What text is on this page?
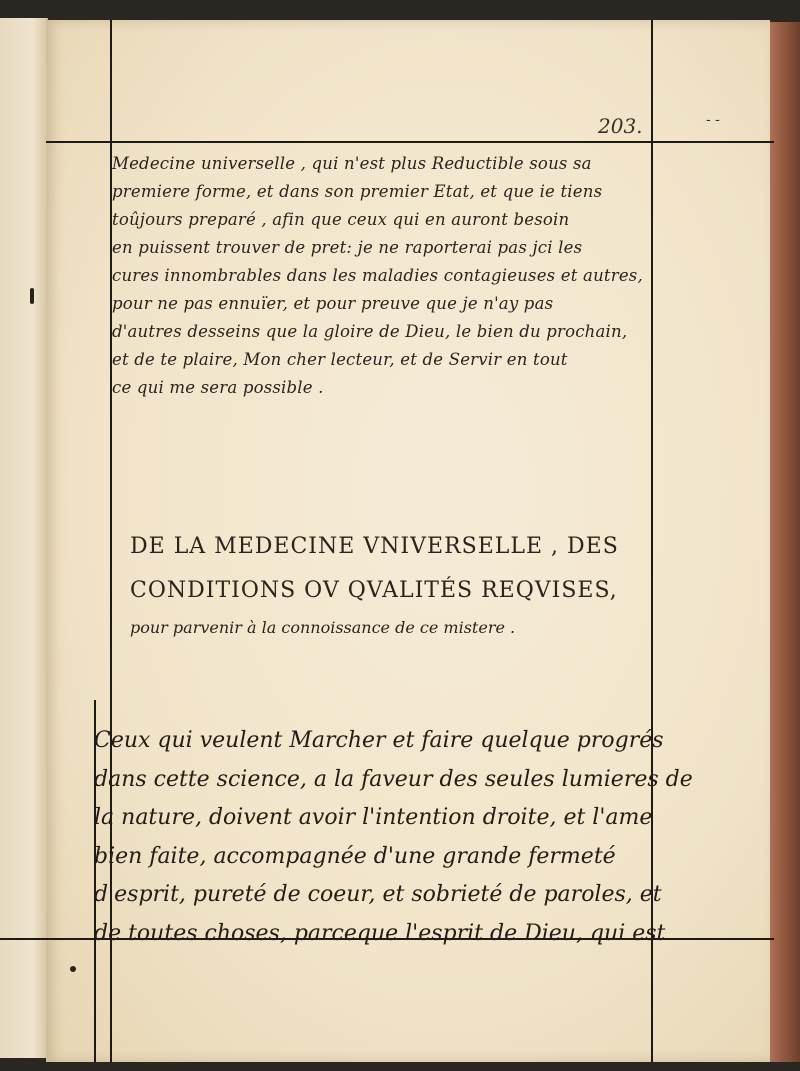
- -
203.
Medecine universelle , qui n'est plus Reductible sous sa
premiere forme, et dans son premier Etat, et que ie tiens
toûjours preparé , afin que ceux qui en auront besoin
en puissent trouver de pret: je ne raporterai pas jci les
cures innombrables dans les maladies contagieuses et autres,
pour ne pas ennuïer, et pour preuve que je n'ay pas
d'autres desseins que la gloire de Dieu, le bien du prochain,
et de te plaire, Mon cher lecteur, et de Servir en tout
ce qui me sera possible .
DE LA MEDECINE VNIVERSELLE , DES
CONDITIONS OV QVALITÉS REQVISES,
pour parvenir à la connoissance de ce mistere .
Ceux qui veulent Marcher et faire quelque progrés
dans cette science, a la faveur des seules lumieres de
la nature, doivent avoir l'intention droite, et l'ame
bien faite, accompagnée d'une grande fermeté
d'esprit, pureté de coeur, et sobrieté de paroles, et
de toutes choses, parceque l'esprit de Dieu, qui est
